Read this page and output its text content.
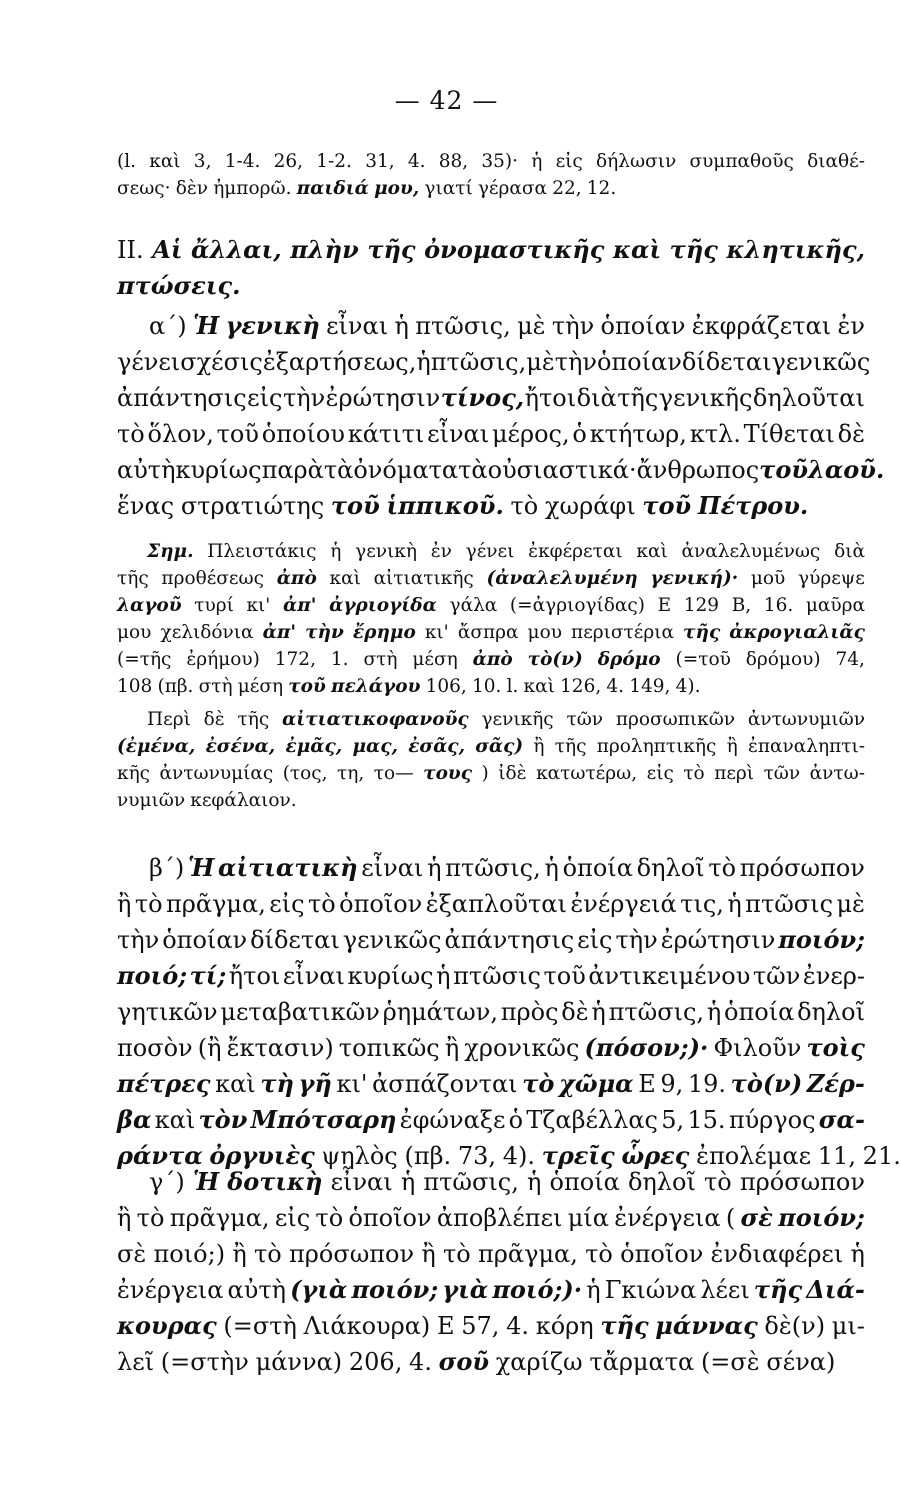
— 42 —
(l. καὶ 3, 1-4. 26, 1-2. 31, 4. 88, 35)· ἡ εἰς δήλωσιν συμπαθοῦς διαθέ-
σεως· δὲν ἠμπορῶ. παιδιά μου, γιατί γέρασα 22, 12.
II. Αἱ ἄλλαι, πλὴν τῆς ὀνομαστικῆς καὶ τῆς κλητικῆς,
πτώσεις.
α΄) Ἡ γενικὴ εἶναι ἡ πτῶσις, μὲ τὴν ὁποίαν ἐκφράζεται ἐν
γένει σχέσις ἐξαρτήσεως, ἡ πτῶσις, μὲ τὴν ὁποίαν δίδεται γενικῶς
ἀπάντησις εἰς τὴν ἐρώτησιν τίνος, ἤτοι διὰ τῆς γενικῆς δηλοῦται
τὸ ὅλον, τοῦ ὁποίου κάτιτι εἶναι μέρος, ὁ κτήτωρ, κτλ. Τίθεται δὲ
αὐτὴ κυρίως παρὰ τὰ ὀνόματα τὰ οὐσιαστικά· ἄνθρωπος τοῦ λαοῦ.
ἕνας στρατιώτης τοῦ ἱππικοῦ. τὸ χωράφι τοῦ Πέτρου.
Σημ. Πλειστάκις ἡ γενικὴ ἐν γένει ἐκφέρεται καὶ ἀναλελυμένως διὰ
τῆς προθέσεως ἀπὸ καὶ αἰτιατικῆς (ἀναλελυμένη γενική)· μοῦ γύρεψε
λαγοῦ τυρί κι' ἀπ' ἀγριογίδα γάλα (=ἀγριογίδας) Ε 129 Β, 16. μαῦρα
μου χελιδόνια ἀπ' τὴν ἔρημο κι' ἄσπρα μου περιστέρια τῆς ἀκρογιαλιᾶς
(=τῆς ἐρήμου) 172, 1. στὴ μέση ἀπὸ τὸ(ν) δρόμο (=τοῦ δρόμου) 74,
108 (πβ. στὴ μέση τοῦ πελάγου 106, 10. l. καὶ 126, 4. 149, 4).
Περὶ δὲ τῆς αἰτιατικοφανοῦς γενικῆς τῶν προσωπικῶν ἀντωνυμιῶν
(ἐμένα, ἐσένα, ἐμᾶς, μας, ἐσᾶς, σᾶς) ἢ τῆς προληπτικῆς ἢ ἐπαναληπτι-
κῆς ἀντωνυμίας (τος, τη, το— τους ) ἰδὲ κατωτέρω, εἰς τὸ περὶ τῶν ἀντω-
νυμιῶν κεφάλαιον.
β΄) Ἡ αἰτιατικὴ εἶναι ἡ πτῶσις, ἡ ὁποία δηλοῖ τὸ πρόσωπον
ἢ τὸ πρᾶγμα, εἰς τὸ ὁποῖον ἐξαπλοῦται ἐνέργειά τις, ἡ πτῶσις μὲ
τὴν ὁποίαν δίδεται γενικῶς ἀπάντησις εἰς τὴν ἐρώτησιν ποιόν;
ποιό; τί; ἤτοι εἶναι κυρίως ἡ πτῶσις τοῦ ἀντικειμένου τῶν ἐνερ-
γητικῶν μεταβατικῶν ῥημάτων, πρὸς δὲ ἡ πτῶσις, ἡ ὁποία δηλοῖ
ποσὸν (ἢ ἔκτασιν) τοπικῶς ἢ χρονικῶς (πόσον;)· Φιλοῦν τοὶς
πέτρες καὶ τὴ γῆ κι' ἀσπάζονται τὸ χῶμα Ε 9, 19. τὸ(ν) Ζέρ-
βα καὶ τὸν Μπότσαρη ἐφώναξε ὁ Τζαβέλλας 5, 15. πύργος σα-
ράντα ὀργυιὲς ψηλὸς (πβ. 73, 4). τρεῖς ὧρες ἐπολέμαε 11, 21.
γ΄) Ἡ δοτικὴ εἶναι ἡ πτῶσις, ἡ ὁποία δηλοῖ τὸ πρόσωπον
ἢ τὸ πρᾶγμα, εἰς τὸ ὁποῖον ἀποβλέπει μία ἐνέργεια ( σὲ ποιόν;
σὲ ποιό;) ἢ τὸ πρόσωπον ἢ τὸ πρᾶγμα, τὸ ὁποῖον ἐνδιαφέρει ἡ
ἐνέργεια αὐτὴ (γιὰ ποιόν; γιὰ ποιό;)· ἡ Γκιώνα λέει τῆς Διά-
κουρας (=στὴ Λιάκουρα) Ε 57, 4. κόρη τῆς μάννας δὲ(ν) μι-
λεῖ (=στὴν μάννα) 206, 4. σοῦ χαρίζω τἄρματα (=σὲ σένα)
